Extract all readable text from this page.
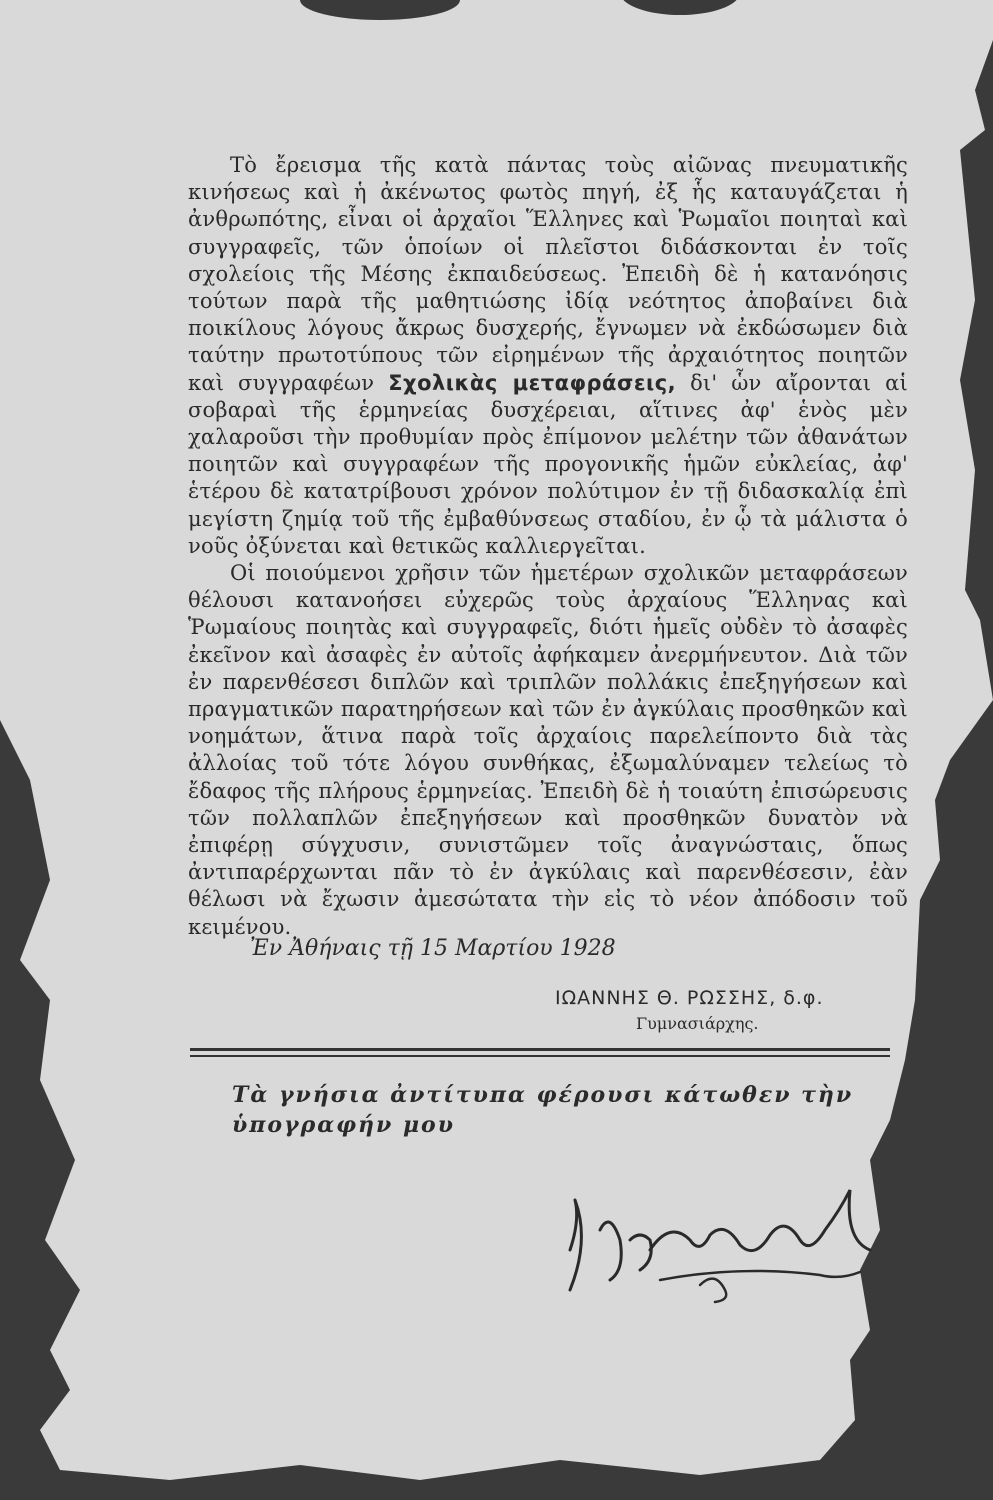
Τὸ ἔρεισμα τῆς κατὰ πάντας τοὺς αἰῶνας πνευματικῆς κινήσεως καὶ ἡ ἀκένωτος φωτὸς πηγή, ἐξ ἧς καταυγάζεται ἡ ἀνθρωπότης, εἶναι οἱ ἀρχαῖοι Ἕλληνες καὶ Ῥωμαῖοι ποιηταὶ καὶ συγγραφεῖς, τῶν ὁποίων οἱ πλεῖστοι διδάσκονται ἐν τοῖς σχολείοις τῆς Μέσης ἐκπαιδεύσεως. Ἐπειδὴ δὲ ἡ κατανόησις τούτων παρὰ τῆς μαθητιώσης ἰδίᾳ νεότητος ἀποβαίνει διὰ ποικίλους λόγους ἄκρως δυσχερής, ἔγνωμεν νὰ ἐκδώσωμεν διὰ ταύτην πρωτοτύπους τῶν εἰρημένων τῆς ἀρχαιότητος ποιητῶν καὶ συγγραφέων Σχολικὰς μεταφράσεις, δι' ὧν αἴρονται αἱ σοβαραὶ τῆς ἑρμηνείας δυσχέρειαι, αἵτινες ἀφ' ἑνὸς μὲν χαλαροῦσι τὴν προθυμίαν πρὸς ἐπίμονον μελέτην τῶν ἀθανάτων ποιητῶν καὶ συγγραφέων τῆς προγονικῆς ἡμῶν εὐκλείας, ἀφ' ἑτέρου δὲ κατατρίβουσι χρόνον πολύτιμον ἐν τῇ διδασκαλίᾳ ἐπὶ μεγίστη ζημίᾳ τοῦ τῆς ἐμβαθύνσεως σταδίου, ἐν ᾧ τὰ μάλιστα ὁ νοῦς ὀξύνεται καὶ θετικῶς καλλιεργεῖται.

Οἱ ποιούμενοι χρῆσιν τῶν ἡμετέρων σχολικῶν μεταφράσεων θέλουσι κατανοήσει εὐχερῶς τοὺς ἀρχαίους Ἕλληνας καὶ Ῥωμαίους ποιητὰς καὶ συγγραφεῖς, διότι ἡμεῖς οὐδὲν τὸ ἀσαφὲς ἐκεῖνον καὶ ἀσαφὲς ἐν αὐτοῖς ἀφήκαμεν ἀνερμήνευτον. Διὰ τῶν ἐν παρενθέσεσι διπλῶν καὶ τριπλῶν πολλάκις ἐπεξηγήσεων καὶ πραγματικῶν παρατηρήσεων καὶ τῶν ἐν ἀγκύλαις προσθηκῶν καὶ νοημάτων, ἅτινα παρὰ τοῖς ἀρχαίοις παρελείποντο διὰ τὰς ἀλλοίας τοῦ τότε λόγου συνθήκας, ἐξωμαλύναμεν τελείως τὸ ἔδαφος τῆς πλήρους ἑρμηνείας. Ἐπειδὴ δὲ ἡ τοιαύτη ἐπισώρευσις τῶν πολλαπλῶν ἐπεξηγήσεων καὶ προσθηκῶν δυνατὸν νὰ ἐπιφέρῃ σύγχυσιν, συνιστῶμεν τοῖς ἀναγνώσταις, ὅπως ἀντιπαρέρχωνται πᾶν τὸ ἐν ἀγκύλαις καὶ παρενθέσεσιν, ἐὰν θέλωσι νὰ ἔχωσιν ἀμεσώτατα τὴν εἰς τὸ νέον ἀπόδοσιν τοῦ κειμένου.

Ἐν Ἀθήναις τῇ 15 Μαρτίου 1928
ΙΩΑΝΝΗΣ Θ. ΡΩΣΣΗΣ, δ.φ.
Γυμνασιάρχης.
Τὰ γνήσια ἀντίτυπα φέρουσι κάτωθεν τὴν ὑπογραφήν μου
